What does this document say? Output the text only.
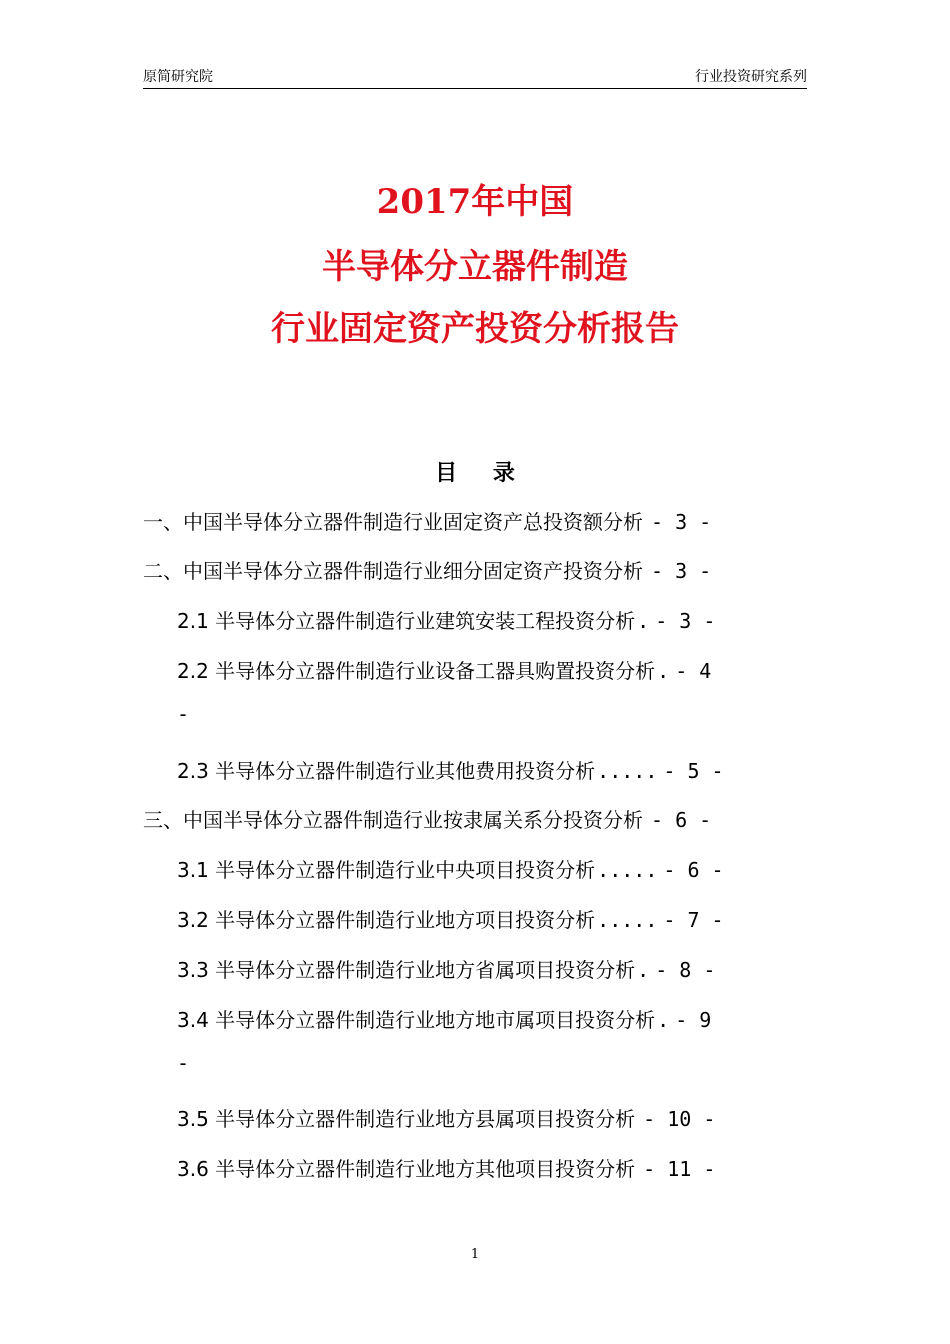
原简研究院	行业投资研究系列
2017年中国
半导体分立器件制造
行业固定资产投资分析报告
目 录
一、中国半导体分立器件制造行业固定资产总投资额分析 - 3 -
二、中国半导体分立器件制造行业细分固定资产投资分析 - 3 -
2.1 半导体分立器件制造行业建筑安装工程投资分析 . - 3 -
2.2 半导体分立器件制造行业设备工器具购置投资分析 . - 4
-
2.3 半导体分立器件制造行业其他费用投资分析 ..... - 5 -
三、中国半导体分立器件制造行业按隶属关系分投资分析 - 6 -
3.1 半导体分立器件制造行业中央项目投资分析 ..... - 6 -
3.2 半导体分立器件制造行业地方项目投资分析 ..... - 7 -
3.3 半导体分立器件制造行业地方省属项目投资分析 . - 8 -
3.4 半导体分立器件制造行业地方地市属项目投资分析 . - 9
-
3.5 半导体分立器件制造行业地方县属项目投资分析 - 10 -
3.6 半导体分立器件制造行业地方其他项目投资分析 - 11 -
1
